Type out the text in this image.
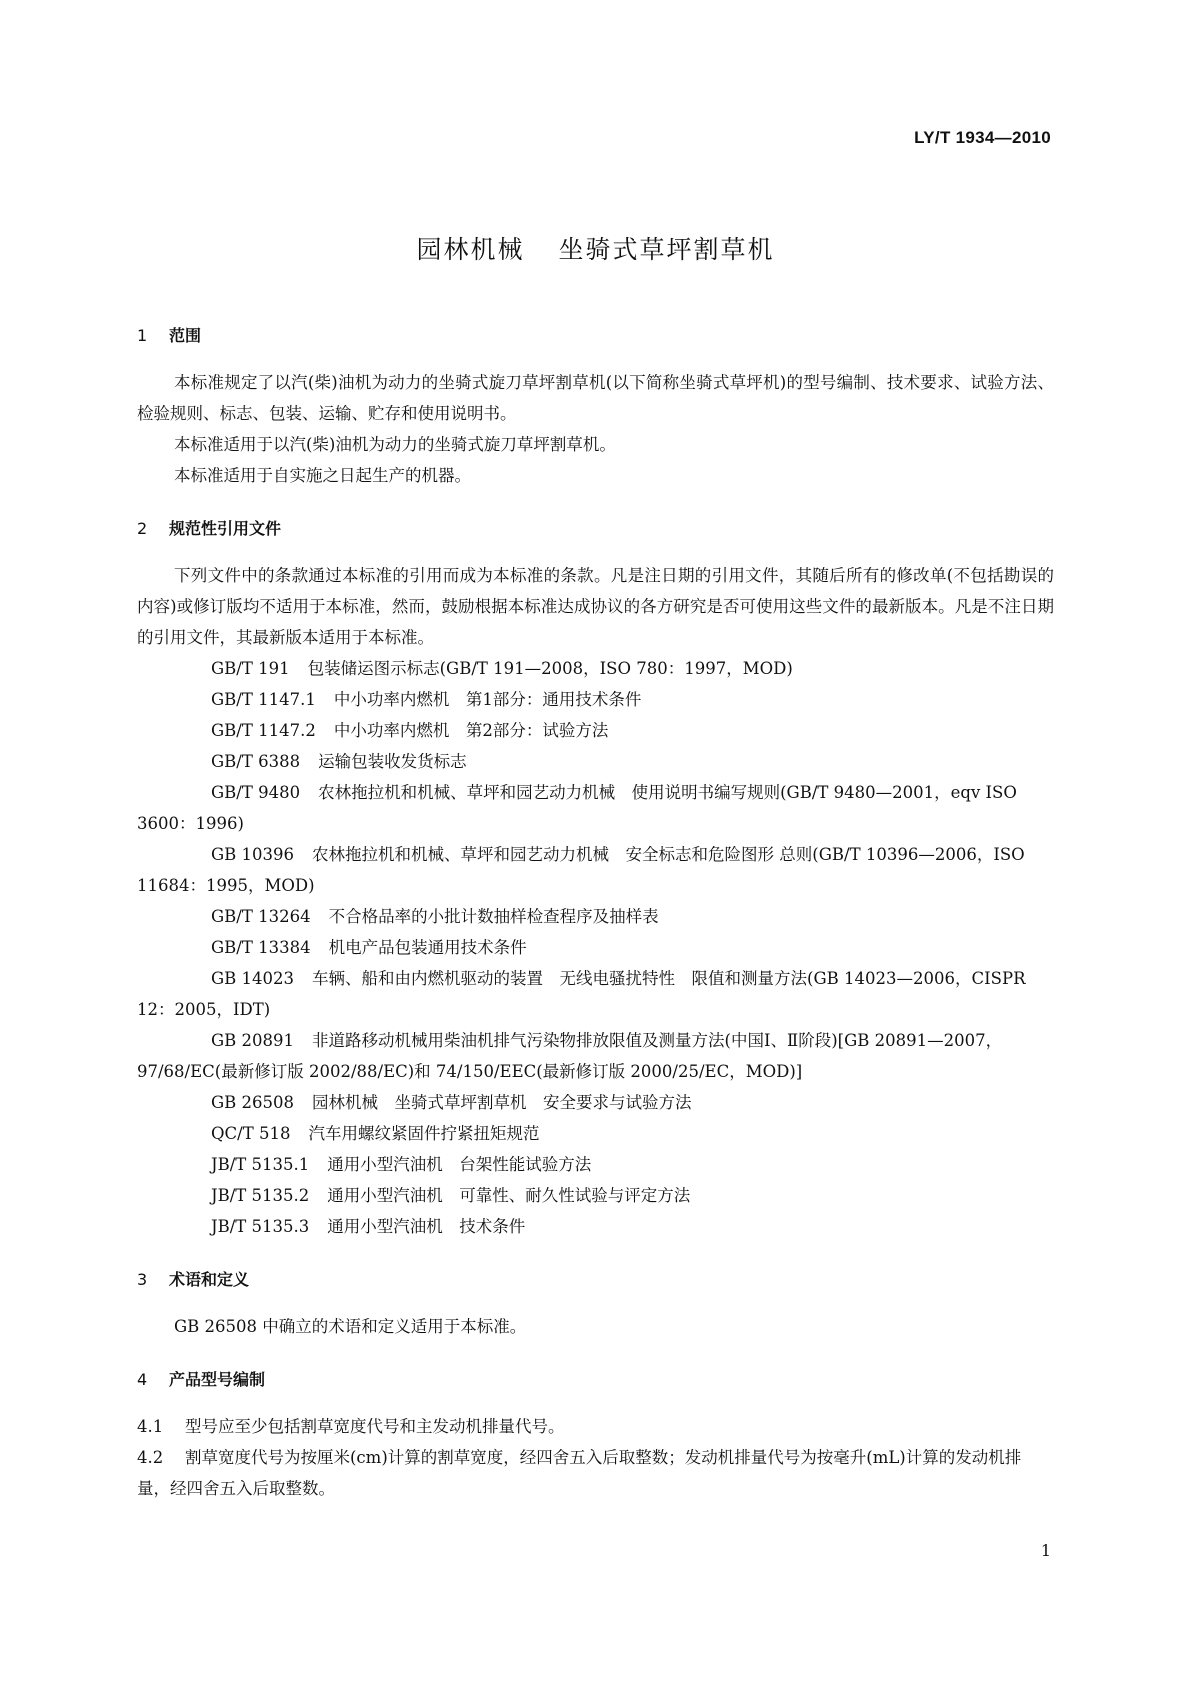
LY/T 1934—2010
园林机械 坐骑式草坪割草机
1 范围

本标准规定了以汽(柴)油机为动力的坐骑式旋刀草坪割草机(以下简称坐骑式草坪机)的型号编制、技术要求、试验方法、检验规则、标志、包装、运输、贮存和使用说明书。

本标准适用于以汽(柴)油机为动力的坐骑式旋刀草坪割草机。

本标准适用于自实施之日起生产的机器。

2 规范性引用文件

下列文件中的条款通过本标准的引用而成为本标准的条款。凡是注日期的引用文件，其随后所有的修改单(不包括勘误的内容)或修订版均不适用于本标准，然而，鼓励根据本标准达成协议的各方研究是否可使用这些文件的最新版本。凡是不注日期的引用文件，其最新版本适用于本标准。

GB/T 191 包装储运图示标志(GB/T 191—2008，ISO 780：1997，MOD)

GB/T 1147.1 中小功率内燃机　第1部分：通用技术条件

GB/T 1147.2 中小功率内燃机　第2部分：试验方法

GB/T 6388 运输包装收发货标志

GB/T 9480 农林拖拉机和机械、草坪和园艺动力机械　使用说明书编写规则(GB/T 9480—2001，eqv ISO 3600：1996)

GB 10396 农林拖拉机和机械、草坪和园艺动力机械　安全标志和危险图形 总则(GB/T 10396—2006，ISO 11684：1995，MOD)

GB/T 13264 不合格品率的小批计数抽样检查程序及抽样表

GB/T 13384 机电产品包装通用技术条件

GB 14023 车辆、船和由内燃机驱动的装置　无线电骚扰特性　限值和测量方法(GB 14023—2006，CISPR 12：2005，IDT)

GB 20891 非道路移动机械用柴油机排气污染物排放限值及测量方法(中国Ⅰ、Ⅱ阶段)[GB 20891—2007，97/68/EC(最新修订版 2002/88/EC)和 74/150/EEC(最新修订版 2000/25/EC，MOD)]

GB 26508 园林机械　坐骑式草坪割草机　安全要求与试验方法

QC/T 518 汽车用螺纹紧固件拧紧扭矩规范

JB/T 5135.1 通用小型汽油机　台架性能试验方法

JB/T 5135.2 通用小型汽油机　可靠性、耐久性试验与评定方法

JB/T 5135.3 通用小型汽油机　技术条件

3 术语和定义

GB 26508 中确立的术语和定义适用于本标准。

4 产品型号编制

4.1 型号应至少包括割草宽度代号和主发动机排量代号。

4.2 割草宽度代号为按厘米(cm)计算的割草宽度，经四舍五入后取整数；发动机排量代号为按毫升(mL)计算的发动机排量，经四舍五入后取整数。

1
